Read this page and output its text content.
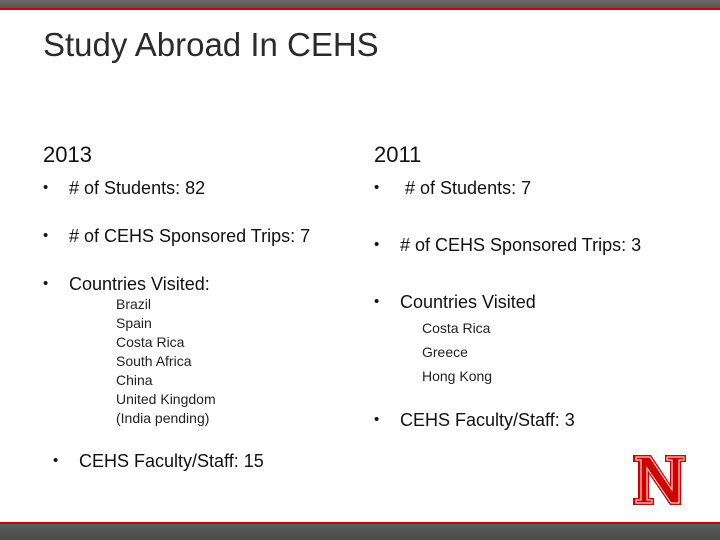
Study Abroad In CEHS
2013
• # of Students: 82
• # of CEHS Sponsored Trips: 7
• Countries Visited:
Brazil
Spain
Costa Rica
South Africa
China
United Kingdom
(India pending)
• CEHS Faculty/Staff: 15
2011
•  # of Students: 7
• # of CEHS Sponsored Trips: 3
• Countries Visited
Costa Rica
Greece
Hong Kong
• CEHS Faculty/Staff: 3
